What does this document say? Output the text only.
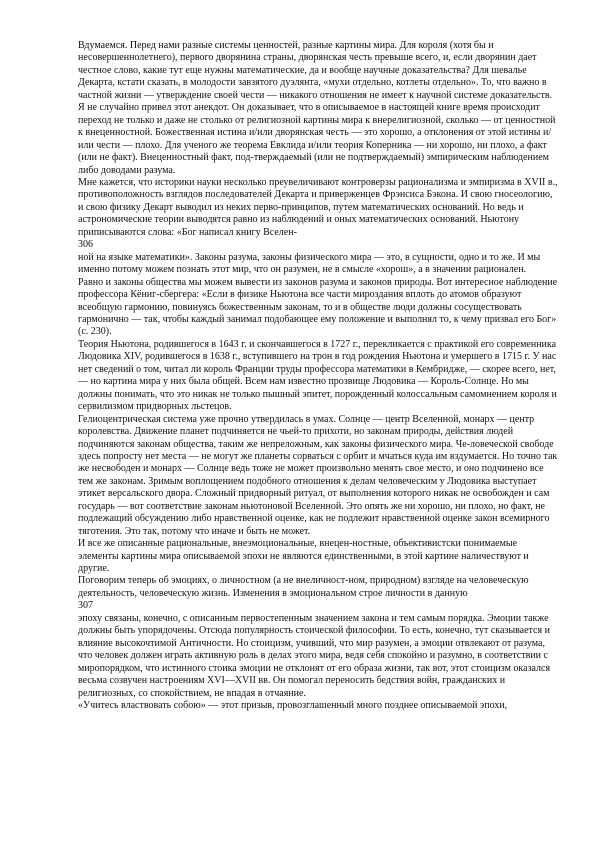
Вдумаемся. Перед нами разные системы ценностей, разные картины мира. Для короля (хотя бы и несовершеннолетнего), первого дворянина страны, дворянская честь превыше всего, и, если дворянин дает честное слово, какие тут еще нужны математические, да и вообще научные доказательства? Для шевалье Декарта, кстати сказать, в молодости завзятого дуэлянта, «мухи отдельно, котлеты отдельно». То, что важно в частной жизни — утверждение своей чести — никакого отношения не имеет к научной системе доказательств.

Я не случайно привел этот анекдот. Он доказывает, что в описываемое в настоящей книге время происходит переход не только и даже не столько от религиозной картины мира к внерелигиозной, сколько — от ценностной к внеценностной. Божественная истина и/или дворянская честь — это хорошо, а отклонения от этой истины и/или чести — плохо. Для ученого же теорема Евклида и/или теория Коперника — ни хорошо, ни плохо, а факт (или не факт). Внеценностный факт, под-тверждаемый (или не подтверждаемый) эмпирическим наблюдением либо доводами разума.

Мне кажется, что историки науки несколько преувеличивают контроверзы рационализма и эмпиризма в XVII в., противоположность взглядов последователей Декарта и приверженцев Фрэнсиса Бэкона. И свою гносеологию, и свою физику Декарт выводил из неких перво-принципов, путем математических оснований. Но ведь и астрономические теории выводятся равно из наблюдений и оных математических оснований. Ньютону приписываются слова: «Бог написал книгу Вселен-

306

ной на языке математики». Законы разума, законы физического мира — это, в сущности, одно и то же. И мы именно потому можем познать этот мир, что он разумен, не в смысле «хорош», а в значении рационален.

Равно и законы общества мы можем вывести из законов разума и законов природы. Вот интересное наблюдение профессора Кёниг-сбергера: «Если в физике Ньютона все части мироздания вплоть до атомов образуют всеобщую гармонию, повинуясь божественным законам, то и в обществе люди должны сосуществовать гармонично — так, чтобы каждый занимал подобающее ему положение и выполнял то, к чему призвал его Бог» (с. 230).

Теория Ньютона, родившегося в 1643 г. и скончавшегося в 1727 г., перекликается с практикой его современника Людовика XIV, родившегося в 1638 г., вступившего на трон в год рождения Ньютона и умершего в 1715 г. У нас нет сведений о том, читал ли король Франции труды профессора математики в Кембридже, — скорее всего, нет, — но картина мира у них была общей. Всем нам известно прозвище Людовика — Король-Солнце. Но мы должны понимать, что это никак не только пышный эпитет, порожденный колоссальным самомнением короля и сервилизмом придворных льстецов.

Гелиоцентрическая система уже прочно утвердилась в умах. Солнце — центр Вселенной, монарх — центр королевства. Движение планет подчиняется не чьей-то прихоти, но законам природы, действия людей подчиняются законам общества, таким же непреложным, как законы физического мира. Че-ловеческой свободе здесь попросту нет места — не могут же планеты сорваться с орбит и мчаться куда им вздумается. Но точно так же несвободен и монарх — Солнце ведь тоже не может произвольно менять свое место, и оно подчинено все тем же законам. Зримым воплощением подобного отношения к делам человеческим у Людовика выступает этикет версальского двора. Сложный придворный ритуал, от выполнения которого никак не освобожден и сам государь — вот соответствие законам ньютоновой Вселенной. Это опять же ни хорошо, ни плохо, но факт, не подлежащий обсуждению либо нравственной оценке, как не подлежит нравственной оценке закон всемирного тяготения. Это так, потому что иначе и быть не может.

И все же описанные рациональные, внеэмоциональные, внецен-ностные, объективистски понимаемые элементы картины мира описываемой эпохи не являются единственными, в этой картине наличествуют и другие.

Поговорим теперь об эмоциях, о личностном (а не внеличност-ном, природном) взгляде на человеческую деятельность, человеческую жизнь. Изменения в эмоциональном строе личности в данную

307

эпоху связаны, конечно, с описанным первостепенным значением закона и тем самым порядка. Эмоции также должны быть упорядочены. Отсюда популярность стоической философии. То есть, конечно, тут сказывается и влияние высокочтимой Античности. Но стоицизм, учивший, что мир разумен, а эмоции отвлекают от разума, что человек должен играть активную роль в делах этого мира, ведя себя спокойно и разумно, в соответствии с миропорядком, что истинного стоика эмоции не отклонят от его образа жизни, так вот, этот стоицизм оказался весьма созвучен настроениям XVI—XVII вв. Он помогал переносить бедствия войн, гражданских и религиозных, со спокойствием, не впадая в отчаяние.

«Учитесь властвовать собою» — этот призыв, провозглашенный много позднее описываемой эпохи,
